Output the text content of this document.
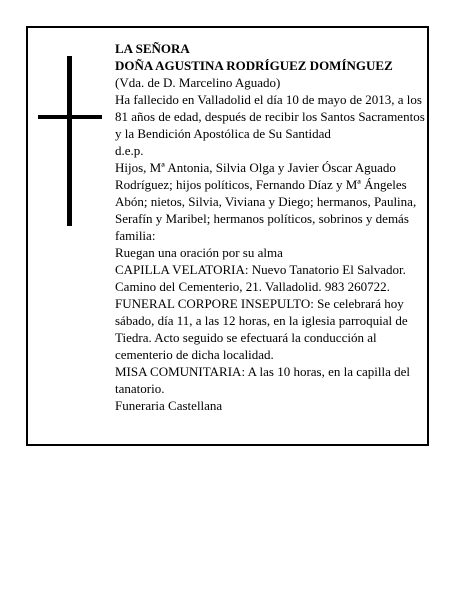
LA SEÑORA

DOÑA AGUSTINA RODRÍGUEZ DOMÍNGUEZ

(Vda. de D. Marcelino Aguado)

Ha fallecido en Valladolid el día 10 de mayo de 2013, a los 81 años de edad, después de recibir los Santos Sacramentos y la Bendición Apostólica de Su Santidad

d.e.p.

Hijos, Mª Antonia, Silvia Olga y Javier Óscar Aguado Rodríguez; hijos políticos, Fernando Díaz y Mª Ángeles Abón; nietos, Silvia, Viviana y Diego; hermanos, Paulina, Serafín y Maribel; hermanos políticos, sobrinos y demás familia:

Ruegan una oración por su alma

CAPILLA VELATORIA: Nuevo Tanatorio El Salvador. Camino del Cementerio, 21. Valladolid. 983 260722.

FUNERAL CORPORE INSEPULTO: Se celebrará hoy sábado, día 11, a las 12 horas, en la iglesia parroquial de Tiedra. Acto seguido se efectuará la conducción al cementerio de dicha localidad.

MISA COMUNITARIA: A las 10 horas, en la capilla del tanatorio.

Funeraria Castellana
